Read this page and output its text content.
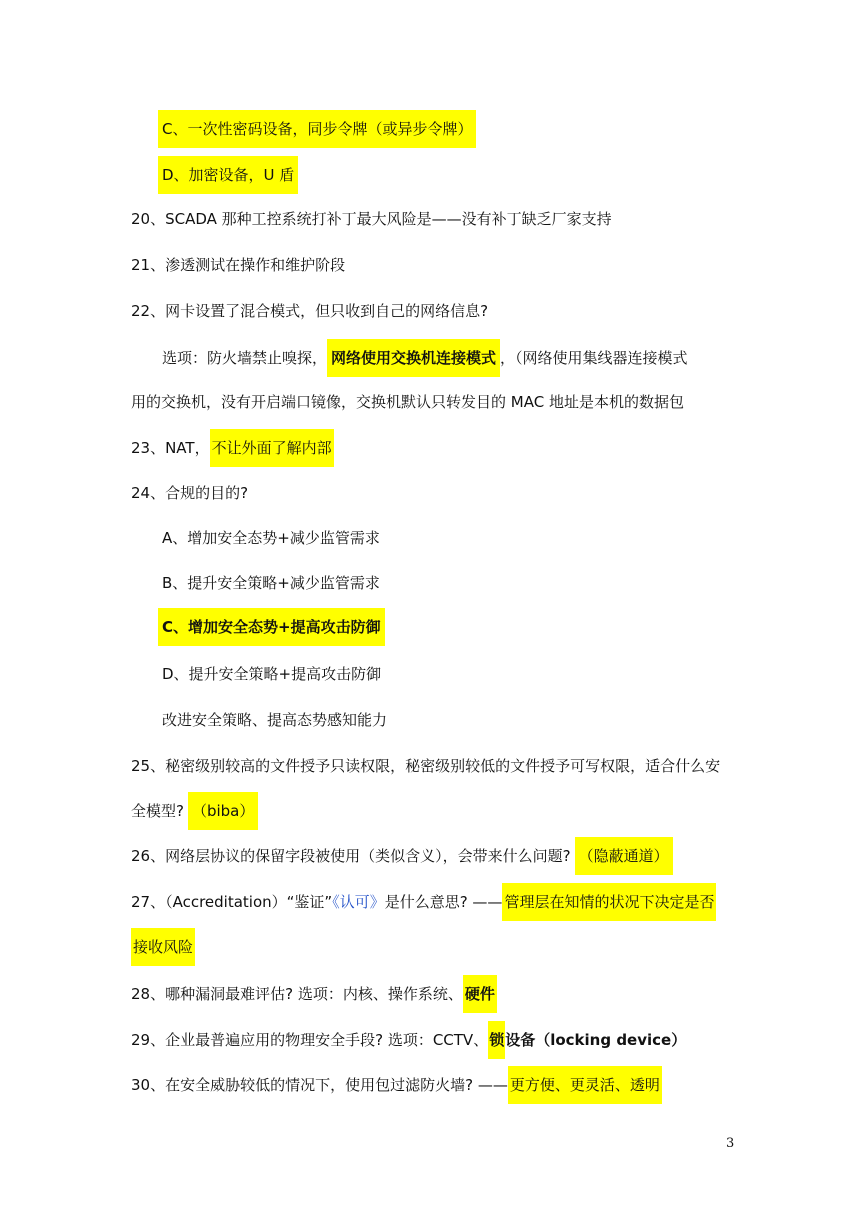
C、一次性密码设备，同步令牌（或异步令牌）
D、加密设备，U 盾
20、SCADA 那种工控系统打补丁最大风险是——没有补丁缺乏厂家支持
21、渗透测试在操作和维护阶段
22、网卡设置了混合模式，但只收到自己的网络信息?
选项：防火墙禁止嗅探， 网络使用交换机连接模式 ，（网络使用集线器连接模式
用的交换机，没有开启端口镜像，交换机默认只转发目的 MAC 地址是本机的数据包
23、NAT， 不让外面了解内部
24、合规的目的?
A、增加安全态势+减少监管需求
B、提升安全策略+减少监管需求
C、增加安全态势+提高攻击防御
D、提升安全策略+提高攻击防御
改进安全策略、提高态势感知能力
25、秘密级别较高的文件授予只读权限，秘密级别较低的文件授予可写权限，适合什么安
全模型? （biba）
26、网络层协议的保留字段被使用（类似含义），会带来什么问题? （隐蔽通道）
27、（Accreditation）“鉴证”《认可》是什么意思? —— 管理层在知情的状况下决定是否
接收风险
28、哪种漏洞最难评估? 选项：内核、操作系统、 硬件
29、企业最普遍应用的物理安全手段? 选项：CCTV、锁设备（locking device）
30、在安全威胁较低的情况下，使用包过滤防火墙? —— 更方便、更灵活、透明
3
